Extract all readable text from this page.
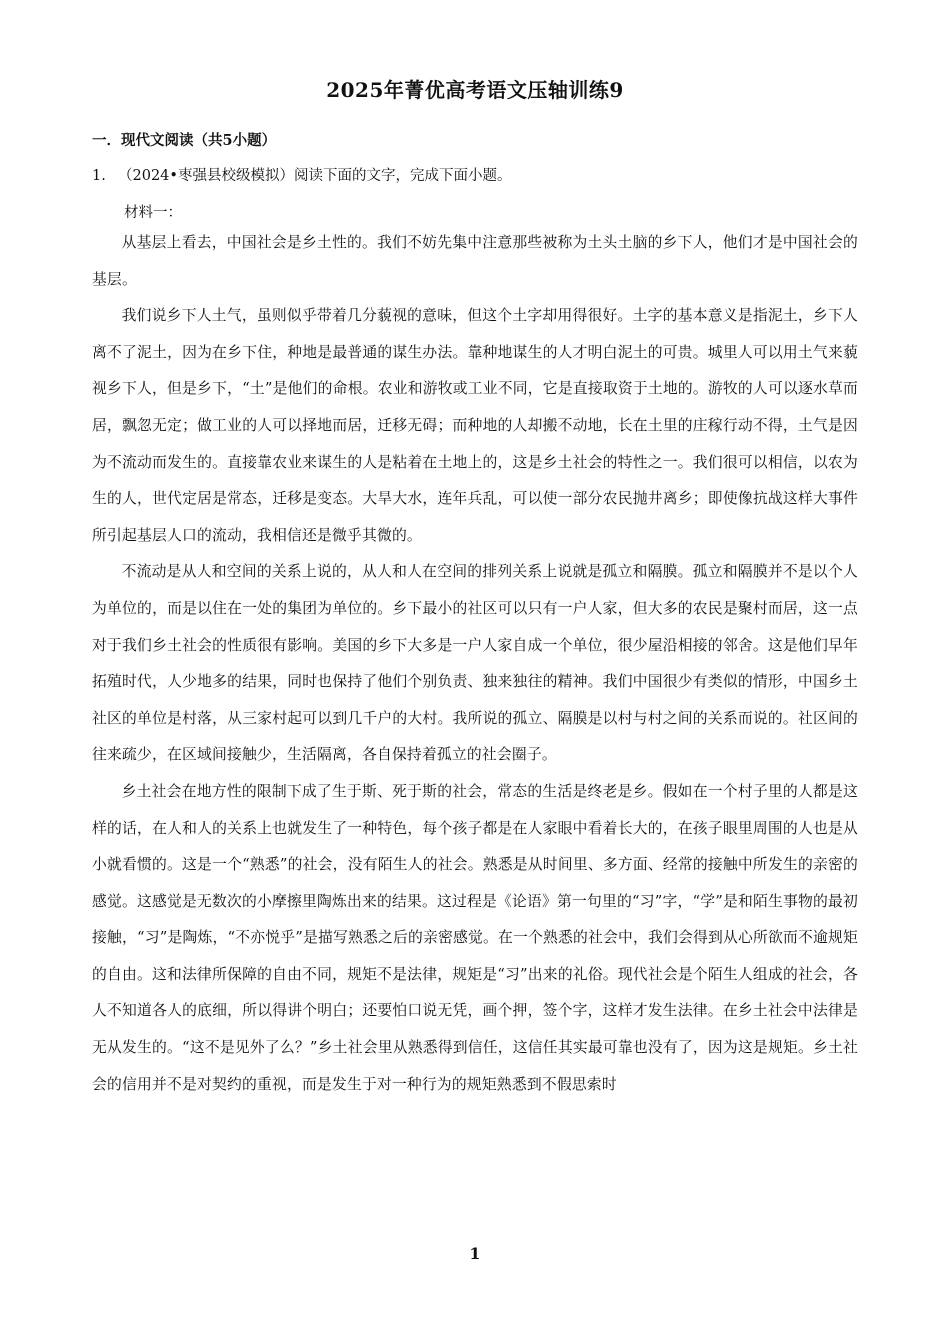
2025年菁优高考语文压轴训练9
一．现代文阅读（共5小题）
1. （2024•枣强县校级模拟）阅读下面的文字，完成下面小题。
材料一：

从基层上看去，中国社会是乡土性的。我们不妨先集中注意那些被称为土头土脑的乡下人，他们才是中国社会的基层。

我们说乡下人土气，虽则似乎带着几分藐视的意味，但这个土字却用得很好。土字的基本意义是指泥土，乡下人离不了泥土，因为在乡下住，种地是最普通的谋生办法。靠种地谋生的人才明白泥土的可贵。城里人可以用土气来藐视乡下人，但是乡下，“土”是他们的命根。农业和游牧或工业不同，它是直接取资于土地的。游牧的人可以逐水草而居，飘忽无定；做工业的人可以择地而居，迁移无碍；而种地的人却搬不动地，长在土里的庄稼行动不得，土气是因为不流动而发生的。直接靠农业来谋生的人是粘着在土地上的，这是乡土社会的特性之一。我们很可以相信，以农为生的人，世代定居是常态，迁移是变态。大旱大水，连年兵乱，可以使一部分农民抛井离乡；即使像抗战这样大事件所引起基层人口的流动，我相信还是微乎其微的。

不流动是从人和空间的关系上说的，从人和人在空间的排列关系上说就是孤立和隔膜。孤立和隔膜并不是以个人为单位的，而是以住在一处的集团为单位的。乡下最小的社区可以只有一户人家，但大多的农民是聚村而居，这一点对于我们乡土社会的性质很有影响。美国的乡下大多是一户人家自成一个单位，很少屋沿相接的邻舍。这是他们早年拓殖时代，人少地多的结果，同时也保持了他们个别负责、独来独往的精神。我们中国很少有类似的情形，中国乡土社区的单位是村落，从三家村起可以到几千户的大村。我所说的孤立、隔膜是以村与村之间的关系而说的。社区间的往来疏少，在区域间接触少，生活隔离，各自保持着孤立的社会圈子。

乡土社会在地方性的限制下成了生于斯、死于斯的社会，常态的生活是终老是乡。假如在一个村子里的人都是这样的话，在人和人的关系上也就发生了一种特色，每个孩子都是在人家眼中看着长大的，在孩子眼里周围的人也是从小就看惯的。这是一个“熟悉”的社会，没有陌生人的社会。熟悉是从时间里、多方面、经常的接触中所发生的亲密的感觉。这感觉是无数次的小摩擦里陶炼出来的结果。这过程是《论语》第一句里的“习”字，“学”是和陌生事物的最初接触，“习”是陶炼，“不亦悦乎”是描写熟悉之后的亲密感觉。在一个熟悉的社会中，我们会得到从心所欲而不逾规矩的自由。这和法律所保障的自由不同，规矩不是法律，规矩是“习”出来的礼俗。现代社会是个陌生人组成的社会，各人不知道各人的底细，所以得讲个明白；还要怕口说无凭，画个押，签个字，这样才发生法律。在乡土社会中法律是无从发生的。“这不是见外了么？”乡土社会里从熟悉得到信任，这信任其实最可靠也没有了，因为这是规矩。乡土社会的信用并不是对契约的重视，而是发生于对一种行为的规矩熟悉到不假思索时

1
